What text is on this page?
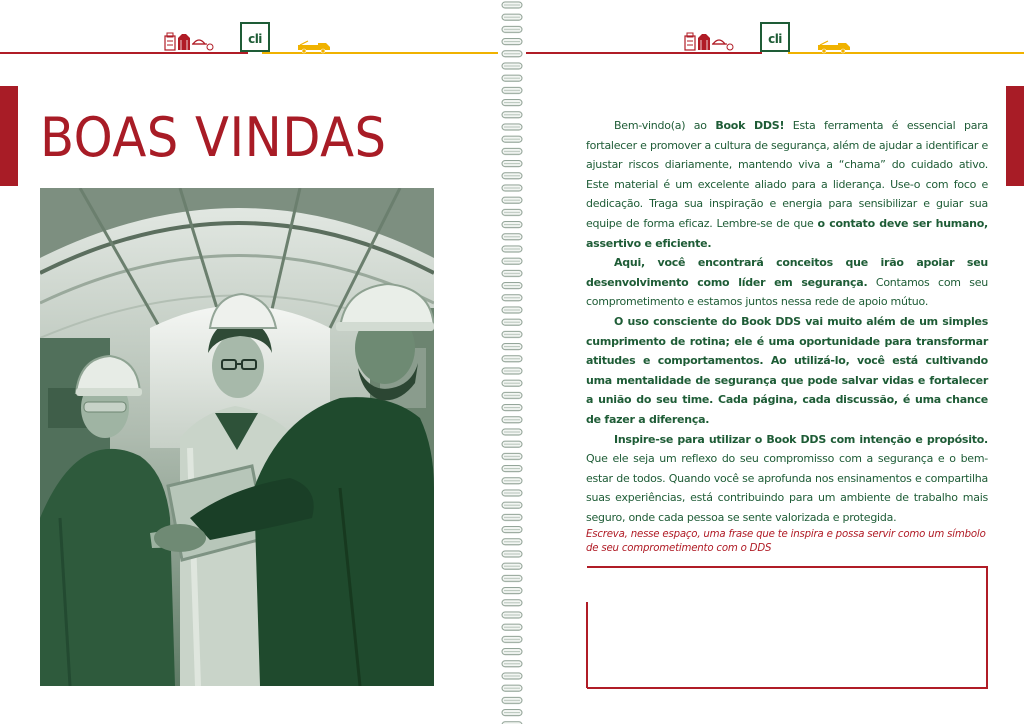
cli
BOAS VINDAS
cli

Bem-vindo(a) ao Book DDS! Esta ferramenta é essencial para fortalecer e promover a cultura de segurança, além de ajudar a identificar e ajustar riscos diariamente, mantendo viva a “chama” do cuidado ativo. Este material é um excelente aliado para a liderança. Use-o com foco e dedicação. Traga sua inspiração e energia para sensibilizar e guiar sua equipe de forma eficaz. Lembre-se de que o contato deve ser humano, assertivo e eficiente.

Aqui, você encontrará conceitos que irão apoiar seu desenvolvimento como líder em segurança. Contamos com seu comprometimento e estamos juntos nessa rede de apoio mútuo.

O uso consciente do Book DDS vai muito além de um simples cumprimento de rotina; ele é uma oportunidade para transformar atitudes e comportamentos. Ao utilizá-lo, você está cultivando uma mentalidade de segurança que pode salvar vidas e fortalecer a união do seu time. Cada página, cada discussão, é uma chance de fazer a diferença.

Inspire-se para utilizar o Book DDS com intenção e propósito. Que ele seja um reflexo do seu compromisso com a segurança e o bem-estar de todos. Quando você se aprofunda nos ensinamentos e compartilha suas experiências, está contribuindo para um ambiente de trabalho mais seguro, onde cada pessoa se sente valorizada e protegida.

Escreva, nesse espaço, uma frase que te inspira e possa servir como um símbolo de seu comprometimento com o DDS
